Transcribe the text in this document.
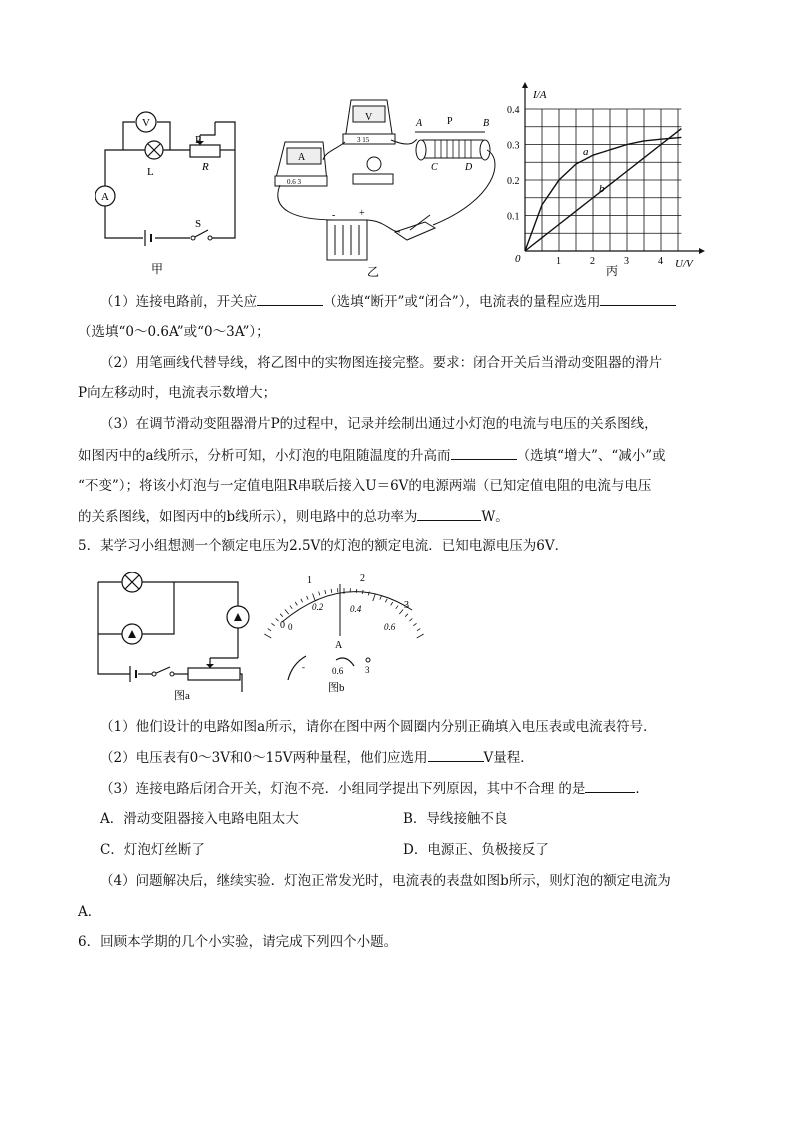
V
A
L
P
R
S
甲
A
V
0.6 3
3 15
A P	B
C	D
- +
乙
0.1
0.2
0.3
0.4
1	2	3	4
I/A
U/V
0
a
b
丙
（1）连接电路前，开关应	（选填“断开”或“闭合”），电流表的量程应选用
（选填“0～0.6A”或“0～3A”）；
（2）用笔画线代替导线，将乙图中的实物图连接完整。要求：闭合开关后当滑动变阻器的滑片
P向左移动时，电流表示数增大；
（3）在调节滑动变阻器滑片P的过程中，记录并绘制出通过小灯泡的电流与电压的关系图线，
如图丙中的a线所示，分析可知，小灯泡的电阻随温度的升高而	（选填“增大”、“减小”或
“不变”）；将该小灯泡与一定值电阻R串联后接入U＝6V的电源两端（已知定值电阻的电流与电压
的关系图线，如图丙中的b线所示），则电路中的总功率为	W。
5．某学习小组想测一个额定电压为2.5V的灯泡的额定电流．已知电源电压为6V．
图a
0
1	2
3
0
0.2	0.4
0.6
A
-	0.6 3
图b
（1）他们设计的电路如图a所示，请你在图中两个圆圈内分别正确填入电压表或电流表符号．
（2）电压表有0～3V和0～15V两种量程，他们应选用	V量程．
（3）连接电路后闭合开关，灯泡不亮．小组同学提出下列原因，其中不合理 的是	．
A．滑动变阻器接入电路电阻太大	B．导线接触不良
C．灯泡灯丝断了	D．电源正、负极接反了
（4）问题解决后，继续实验．灯泡正常发光时，电流表的表盘如图b所示，则灯泡的额定电流为
A．
6．回顾本学期的几个小实验，请完成下列四个小题。
